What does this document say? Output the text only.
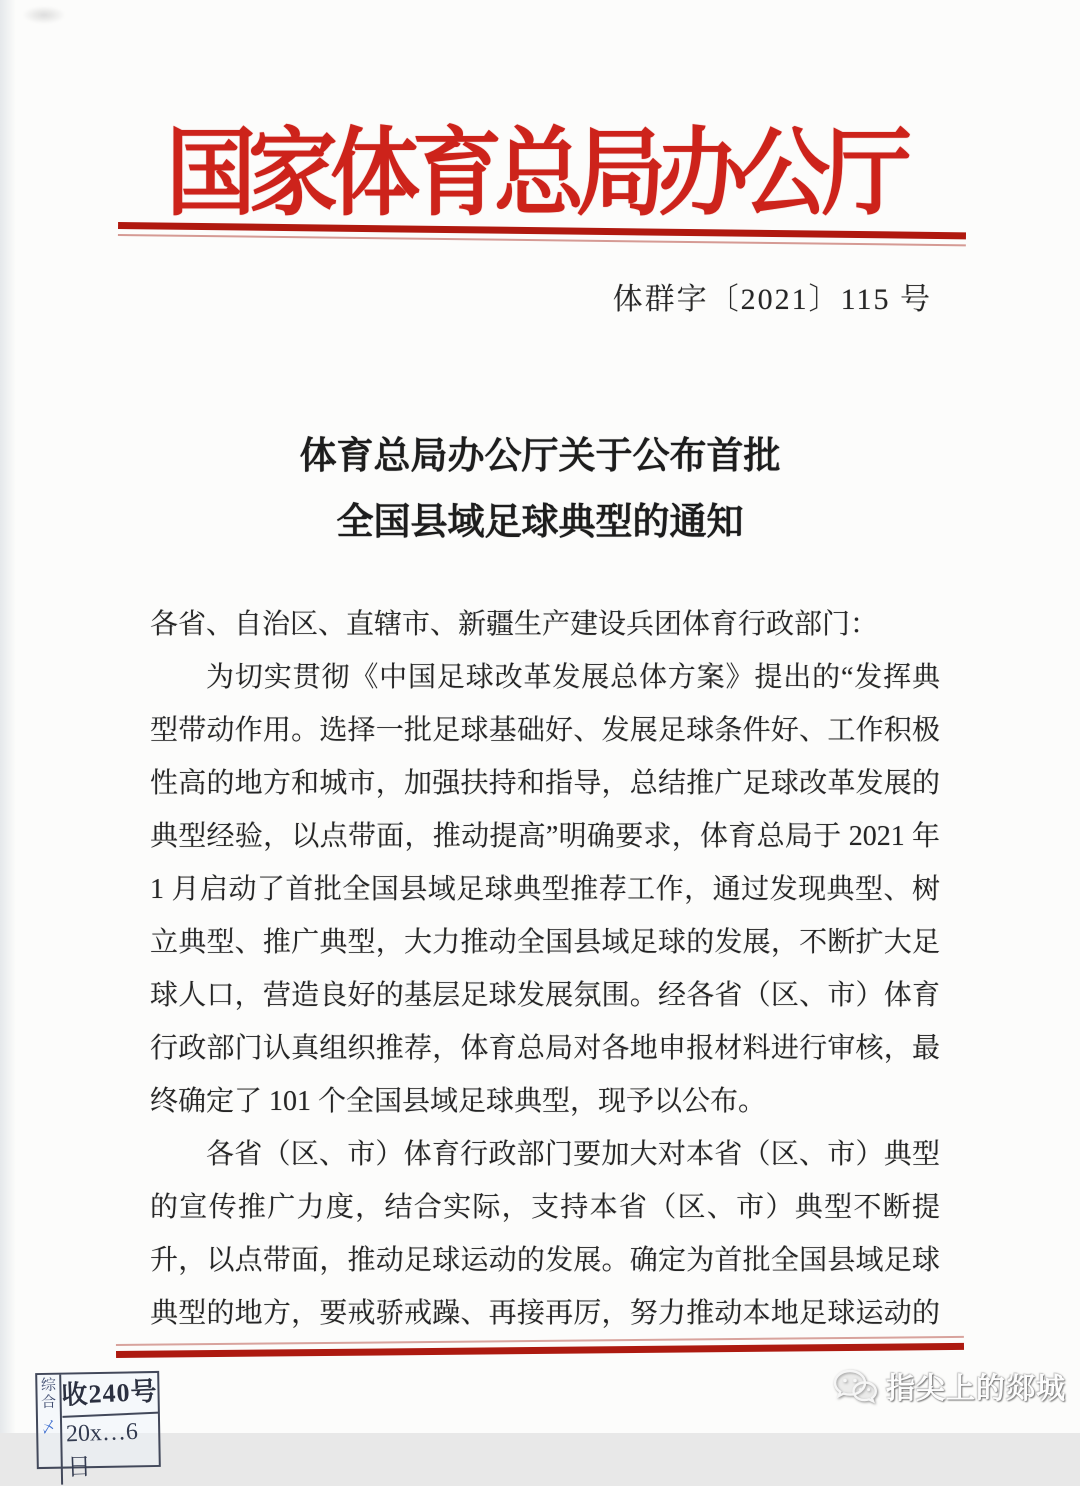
国家体育总局办公厅
体群字〔2021〕115 号
体育总局办公厅关于公布首批
全国县域足球典型的通知
各省、自治区、直辖市、新疆生产建设兵团体育行政部门：
为切实贯彻《中国足球改革发展总体方案》提出的“发挥典
型带动作用。选择一批足球基础好、发展足球条件好、工作积极
性高的地方和城市，加强扶持和指导，总结推广足球改革发展的
典型经验，以点带面，推动提高”明确要求，体育总局于 2021 年
1 月启动了首批全国县域足球典型推荐工作，通过发现典型、树
立典型、推广典型，大力推动全国县域足球的发展，不断扩大足
球人口，营造良好的基层足球发展氛围。经各省（区、市）体育
行政部门认真组织推荐，体育总局对各地申报材料进行审核，最
终确定了 101 个全国县域足球典型，现予以公布。
各省（区、市）体育行政部门要加大对本省（区、市）典型
的宣传推广力度，结合实际，支持本省（区、市）典型不断提
升，以点带面，推动足球运动的发展。确定为首批全国县域足球
典型的地方，要戒骄戒躁、再接再厉，努力推动本地足球运动的
综
合
乄
收240号
20x…6日
指尖上的郯城
